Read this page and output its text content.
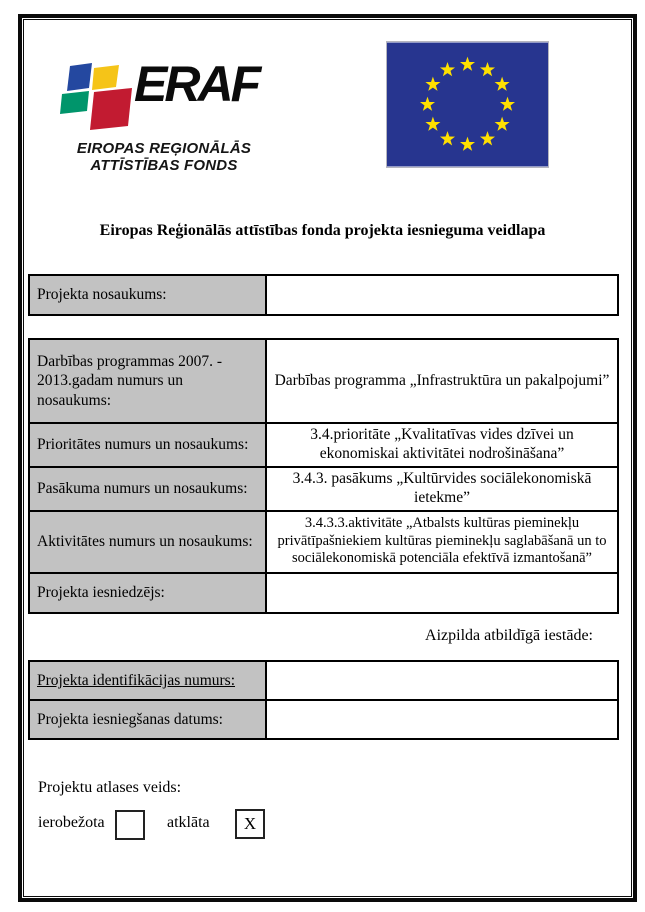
ERAF
EIROPAS REĢIONĀLĀS
ATTĪSTĪBAS FONDS
Eiropas Reģionālās attīstības fonda projekta iesnieguma veidlapa
Projekta nosaukums:	
Darbības programmas 2007. - 2013.gadam numurs un nosaukums:	Darbības programma „Infrastruktūra un pakalpojumi”
Prioritātes numurs un nosaukums:	3.4.prioritāte „Kvalitatīvas vides dzīvei un ekonomiskai aktivitātei nodrošināšana”
Pasākuma numurs un nosaukums:	3.4.3. pasākums „Kultūrvides sociālekonomiskā ietekme”
Aktivitātes numurs un nosaukums:	3.4.3.3.aktivitāte „Atbalsts kultūras pieminekļu privātīpašniekiem kultūras pieminekļu saglabāšanā un to sociālekonomiskā potenciāla efektīvā izmantošanā”
Projekta iesniedzējs:	
Aizpilda atbildīgā iestāde:
Projekta identifikācijas numurs:	
Projekta iesniegšanas datums:	
Projektu atlases veids:
ierobežota	atklāta	X
